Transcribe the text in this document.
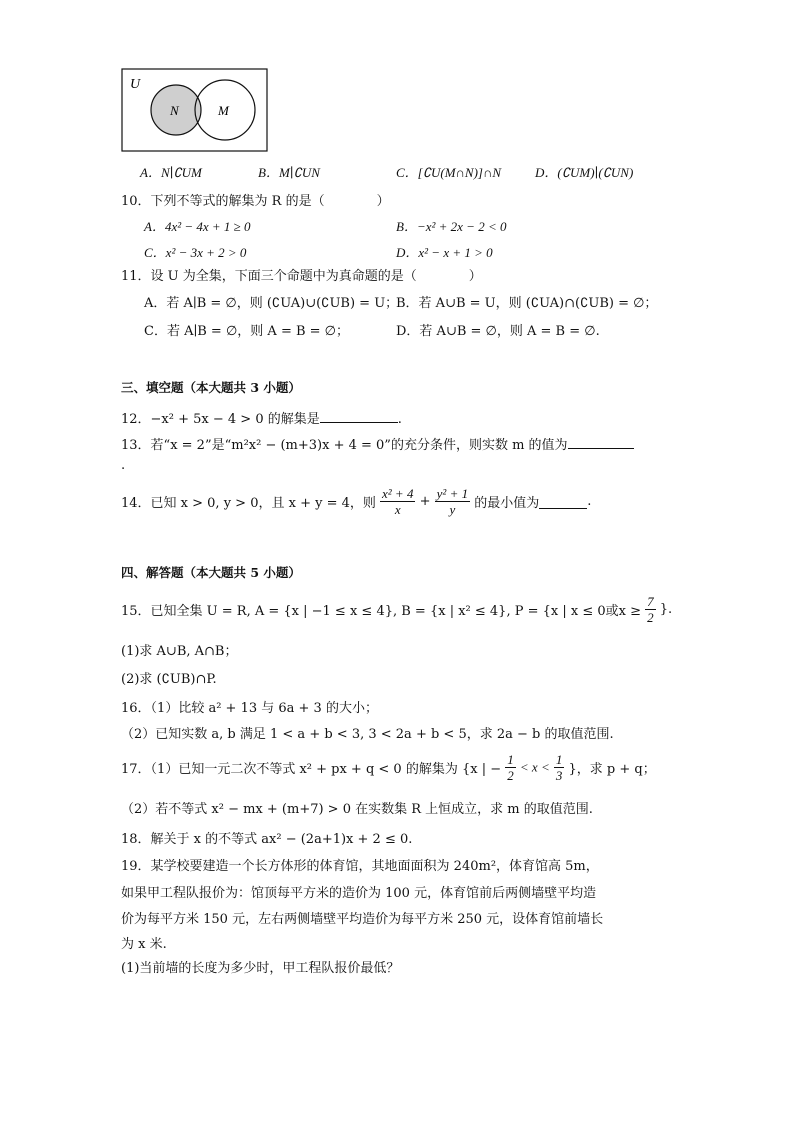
U
N	M
A．N∣∁UM	B．M∣∁UN	C．[∁U(M∩N)]∩N	D．(∁UM)∣(∁UN)
10．下列不等式的解集为 R 的是（　　　　）
A．4x² − 4x + 1 ≥ 0	B．−x² + 2x − 2 < 0
C．x² − 3x + 2 > 0	D．x² − x + 1 > 0
11．设 U 为全集，下面三个命题中为真命题的是（　　　　）
A．若 A∣B = ∅，则 (∁UA)∪(∁UB) = U；
B．若 A∪B = U，则 (∁UA)∩(∁UB) = ∅；
C．若 A∣B = ∅，则 A = B = ∅；	D．若 A∪B = ∅，则 A = B = ∅.
三、填空题（本大题共 3 小题）
12．−x² + 5x − 4 > 0 的解集是	.
13．若“x = 2”是“m²x² − (m+3)x + 4 = 0”的充分条件，则实数 m 的值为
.
14．已知 x > 0, y > 0，且 x + y = 4，则 $\frac{\text{x² + 4}}{x} + \frac{\text{y² + 1}}{y}$ 的最小值为	.
四、解答题（本大题共 5 小题）
15．已知全集 U = R, A = {x | −1 ≤ x ≤ 4}, B = {x | x² ≤ 4}, P = {x | x ≤ 0或$x \ge \frac{7}{2}$ }.
(1)求 A∪B, A∩B；
(2)求 (∁UB)∩P.
16．（1）比较 a² + 13 与 6a + 3 的大小；
（2）已知实数 a, b 满足 1 < a + b < 3, 3 < 2a + b < 5，求 2a − b 的取值范围.
17．（1）已知一元二次不等式 x² + px + q < 0 的解集为 {x | − $\frac{1}{2} < x < \frac{1}{3}$ }，求 p + q；
（2）若不等式 x² − mx + (m+7) > 0 在实数集 R 上恒成立，求 m 的取值范围.
18．解关于 x 的不等式 ax² − (2a+1)x + 2 ≤ 0.
19．某学校要建造一个长方体形的体育馆，其地面面积为 240m²，体育馆高 5m，
如果甲工程队报价为：馆顶每平方米的造价为 100 元，体育馆前后两侧墙壁平均造
价为每平方米 150 元，左右两侧墙壁平均造价为每平方米 250 元，设体育馆前墙长
为 x 米.
(1)当前墙的长度为多少时，甲工程队报价最低？
